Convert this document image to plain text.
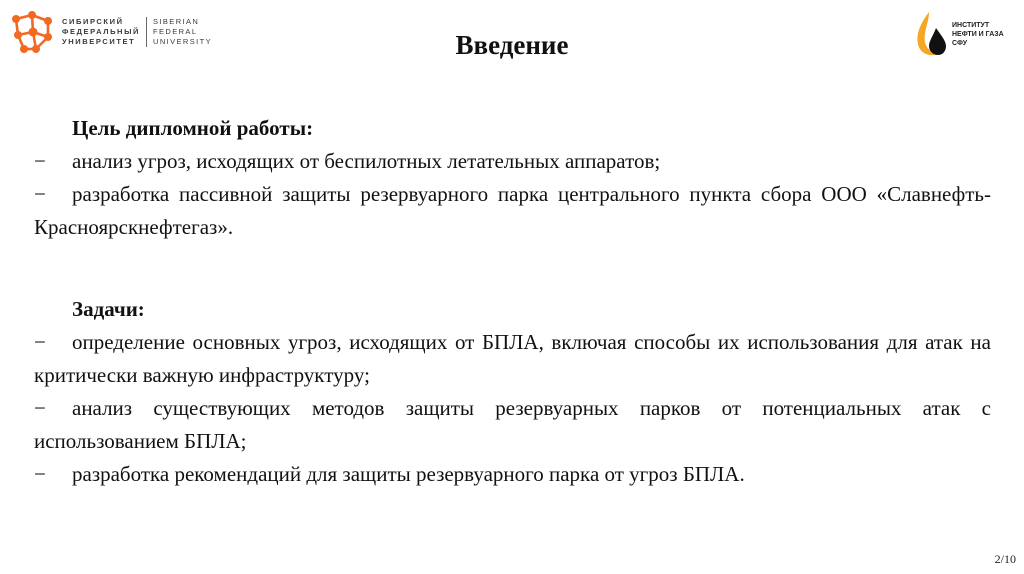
СИБИРСКИЙ
ФЕДЕРАЛЬНЫЙ
УНИВЕРСИТЕТ
SIBERIAN
FEDERAL
UNIVERSITY
ИНСТИТУТ
НЕФТИ И ГАЗА
СФУ
Введение
Цель дипломной работы:

− анализ угроз, исходящих от беспилотных летательных аппаратов;

− разработка пассивной защиты резервуарного парка центрального пункта сбора ООО «Славнефть-Красноярскнефтегаз».

Задачи:

− определение основных угроз, исходящих от БПЛА, включая способы их использования для атак на критически важную инфраструктуру;

− анализ существующих методов защиты резервуарных парков от потенциальных атак с использованием БПЛА;

− разработка рекомендаций для защиты резервуарного парка от угроз БПЛА.

2/10
